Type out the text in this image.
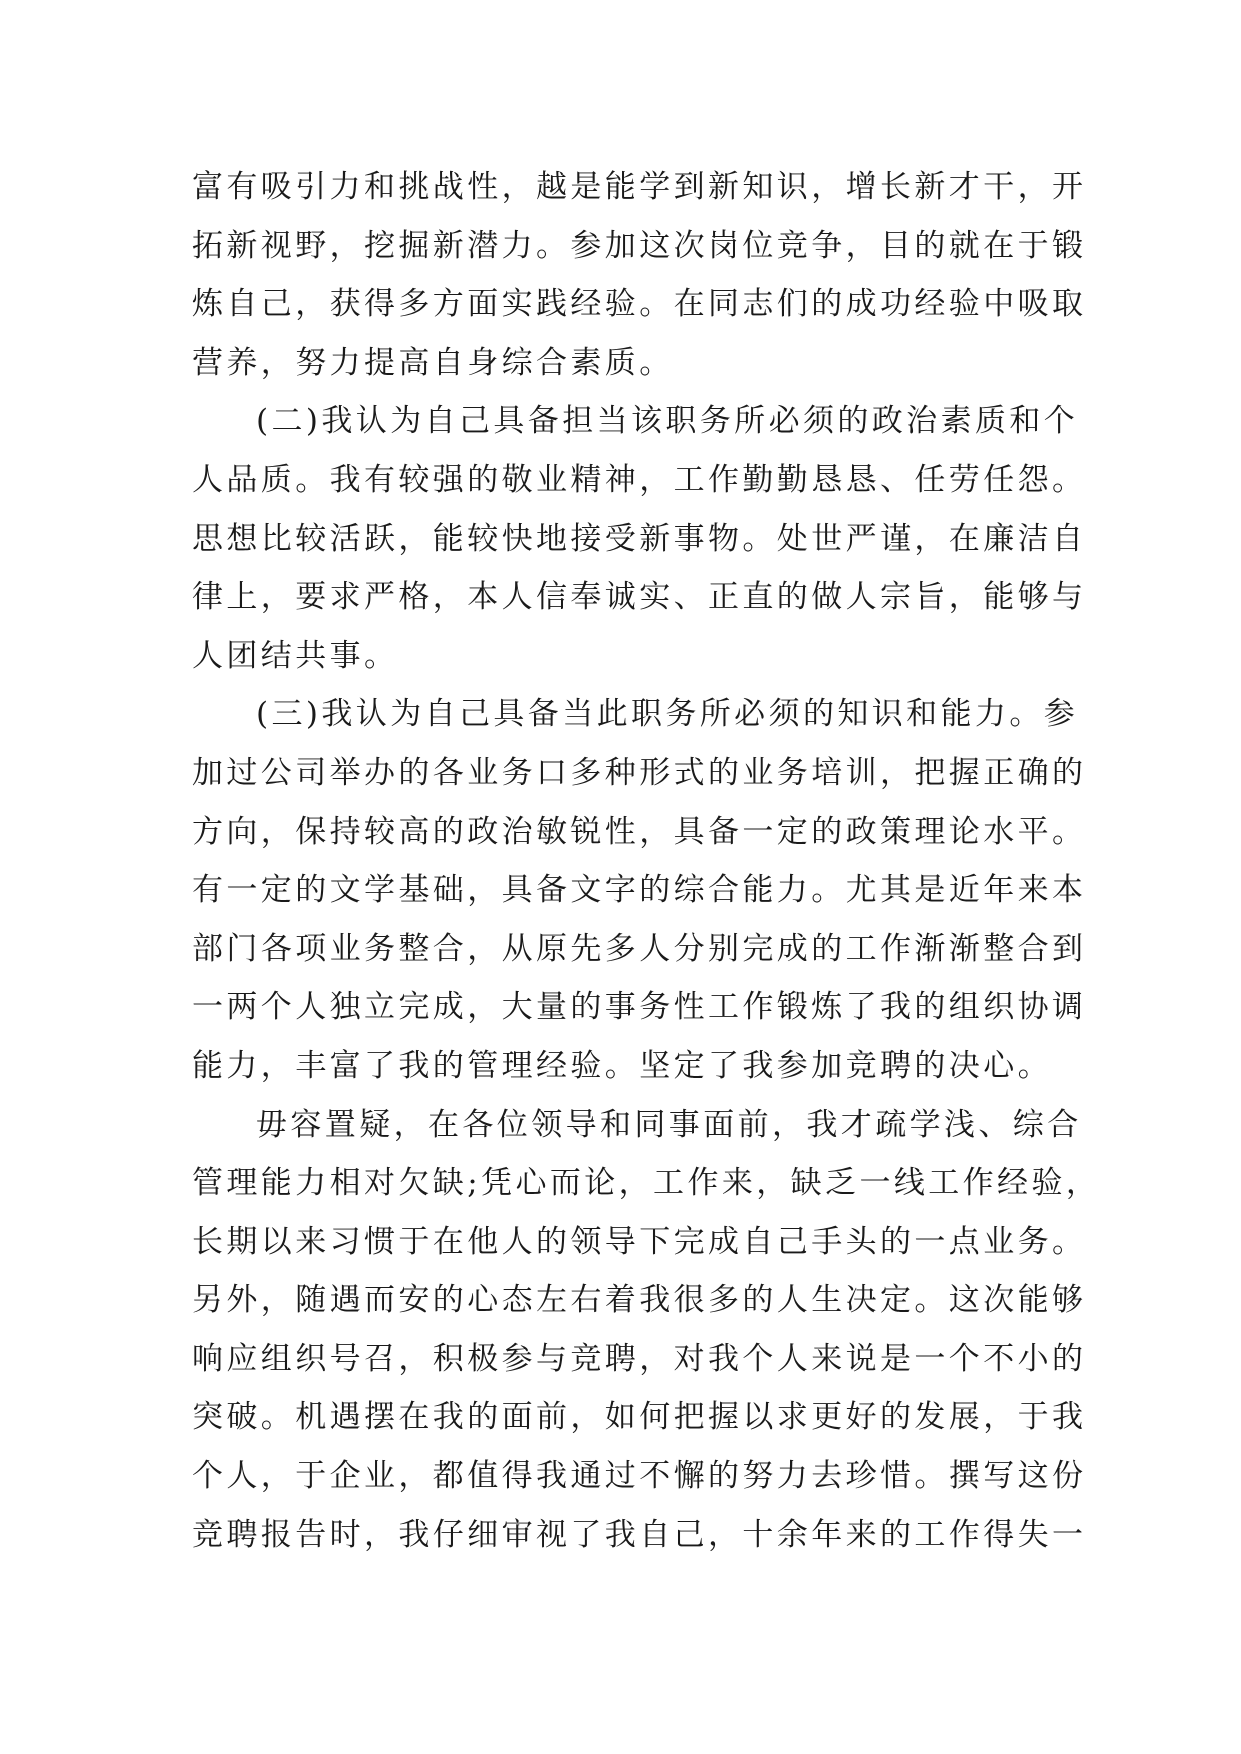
富有吸引力和挑战性，越是能学到新知识，增长新才干，开
拓新视野，挖掘新潜力。参加这次岗位竞争，目的就在于锻
炼自己，获得多方面实践经验。在同志们的成功经验中吸取
营养，努力提高自身综合素质。
(二)我认为自己具备担当该职务所必须的政治素质和个
人品质。我有较强的敬业精神，工作勤勤恳恳、任劳任怨。
思想比较活跃，能较快地接受新事物。处世严谨，在廉洁自
律上，要求严格，本人信奉诚实、正直的做人宗旨，能够与
人团结共事。
(三)我认为自己具备当此职务所必须的知识和能力。参
加过公司举办的各业务口多种形式的业务培训，把握正确的
方向，保持较高的政治敏锐性，具备一定的政策理论水平。
有一定的文学基础，具备文字的综合能力。尤其是近年来本
部门各项业务整合，从原先多人分别完成的工作渐渐整合到
一两个人独立完成，大量的事务性工作锻炼了我的组织协调
能力，丰富了我的管理经验。坚定了我参加竞聘的决心。
毋容置疑，在各位领导和同事面前，我才疏学浅、综合
管理能力相对欠缺;凭心而论，工作来，缺乏一线工作经验，
长期以来习惯于在他人的领导下完成自己手头的一点业务。
另外，随遇而安的心态左右着我很多的人生决定。这次能够
响应组织号召，积极参与竞聘，对我个人来说是一个不小的
突破。机遇摆在我的面前，如何把握以求更好的发展，于我
个人，于企业，都值得我通过不懈的努力去珍惜。撰写这份
竞聘报告时，我仔细审视了我自己，十余年来的工作得失一
